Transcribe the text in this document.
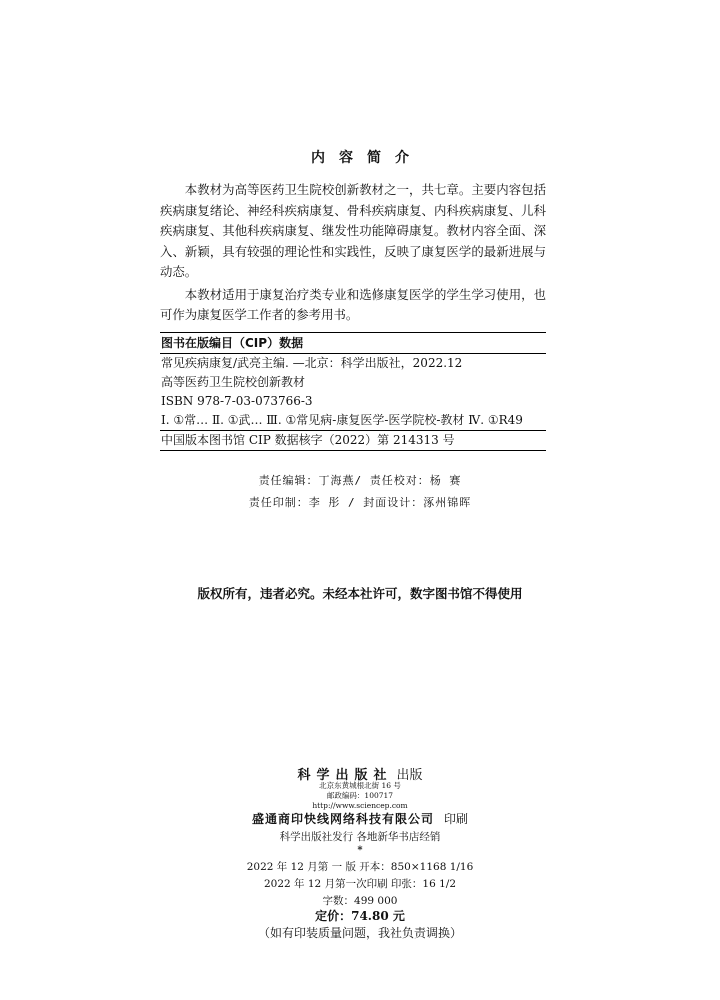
内容简介

本教材为高等医药卫生院校创新教材之一，共七章。主要内容包括疾病康复绪论、神经科疾病康复、骨科疾病康复、内科疾病康复、儿科疾病康复、其他科疾病康复、继发性功能障碍康复。教材内容全面、深入、新颖，具有较强的理论性和实践性，反映了康复医学的最新进展与动态。

本教材适用于康复治疗类专业和选修康复医学的学生学习使用，也可作为康复医学工作者的参考用书。

图书在版编目（CIP）数据
常见疾病康复/武亮主编. —北京：科学出版社，2022.12
高等医药卫生院校创新教材
ISBN 978-7-03-073766-3
Ⅰ. ①常… Ⅱ. ①武… Ⅲ. ①常见病-康复医学-医学院校-教材 Ⅳ. ①R49
中国版本图书馆 CIP 数据核字（2022）第 214313 号
责任编辑：丁海燕/ 责任校对：杨 赛
责任印制：李 彤 / 封面设计：涿州锦晖
版权所有，违者必究。未经本社许可，数字图书馆不得使用
科学出版社 出版
北京东黄城根北街 16 号
邮政编码：100717
http://www.sciencep.com
盛通商印快线网络科技有限公司 印刷
科学出版社发行 各地新华书店经销
*
2022 年 12 月第 一 版 开本：850×1168 1/16
2022 年 12 月第一次印刷 印张：16 1/2
字数：499 000
定价：74.80 元
（如有印装质量问题，我社负责调换）
